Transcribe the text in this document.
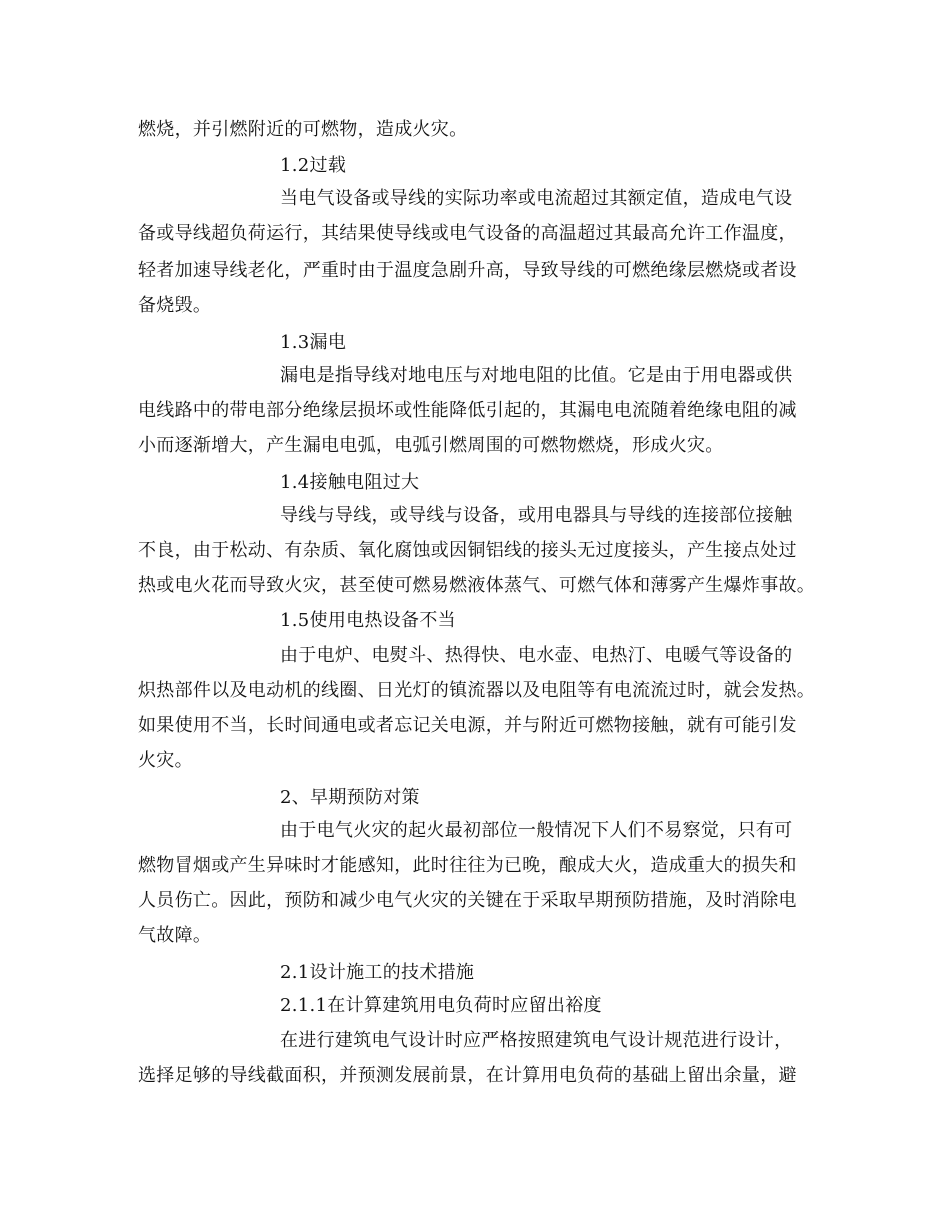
燃烧，并引燃附近的可燃物，造成火灾。
1.2过载
当电气设备或导线的实际功率或电流超过其额定值，造成电气设
备或导线超负荷运行，其结果使导线或电气设备的高温超过其最高允许工作温度，
轻者加速导线老化，严重时由于温度急剧升高，导致导线的可燃绝缘层燃烧或者设
备烧毁。
1.3漏电
漏电是指导线对地电压与对地电阻的比值。它是由于用电器或供
电线路中的带电部分绝缘层损坏或性能降低引起的，其漏电电流随着绝缘电阻的减
小而逐渐增大，产生漏电电弧，电弧引燃周围的可燃物燃烧，形成火灾。
1.4接触电阻过大
导线与导线，或导线与设备，或用电器具与导线的连接部位接触
不良，由于松动、有杂质、氧化腐蚀或因铜铝线的接头无过度接头，产生接点处过
热或电火花而导致火灾，甚至使可燃易燃液体蒸气、可燃气体和薄雾产生爆炸事故。
1.5使用电热设备不当
由于电炉、电熨斗、热得快、电水壶、电热汀、电暖气等设备的
炽热部件以及电动机的线圈、日光灯的镇流器以及电阻等有电流流过时，就会发热。
如果使用不当，长时间通电或者忘记关电源，并与附近可燃物接触，就有可能引发
火灾。
2、早期预防对策
由于电气火灾的起火最初部位一般情况下人们不易察觉，只有可
燃物冒烟或产生异味时才能感知，此时往往为已晚，酿成大火，造成重大的损失和
人员伤亡。因此，预防和减少电气火灾的关键在于采取早期预防措施，及时消除电
气故障。
2.1设计施工的技术措施
2.1.1在计算建筑用电负荷时应留出裕度
在进行建筑电气设计时应严格按照建筑电气设计规范进行设计，
选择足够的导线截面积，并预测发展前景，在计算用电负荷的基础上留出余量，避
